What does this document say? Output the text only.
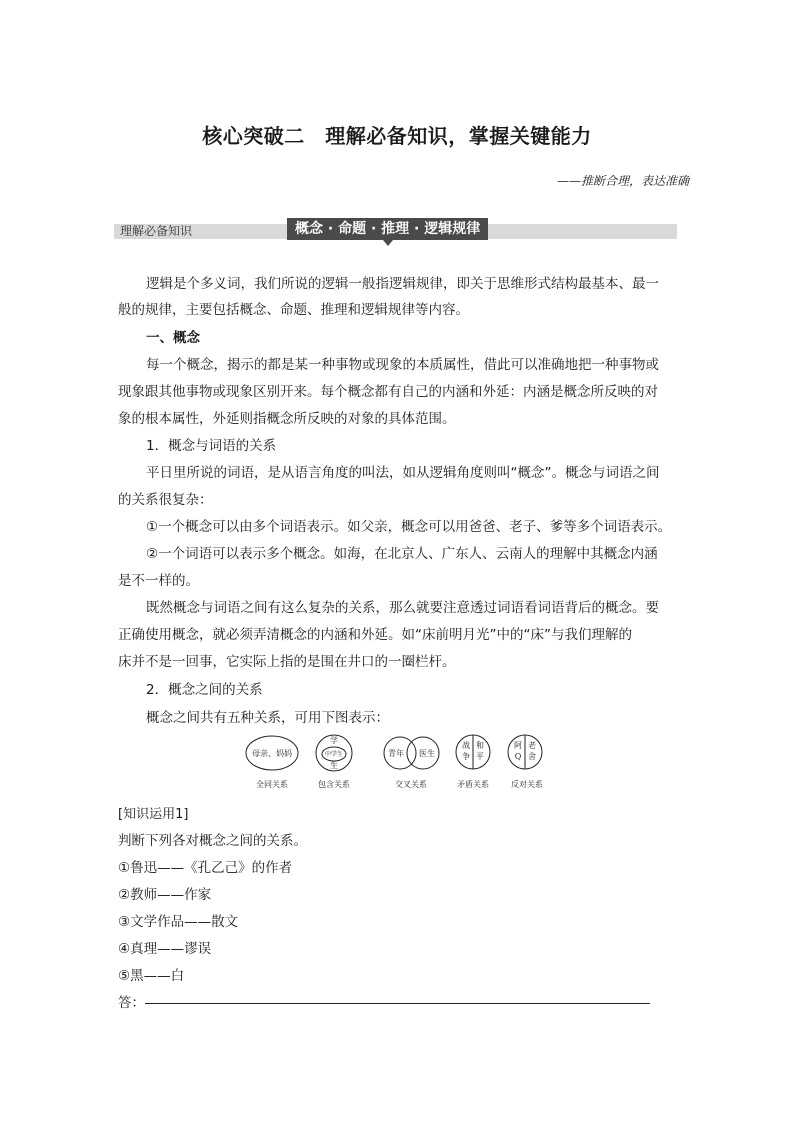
核心突破二　理解必备知识，掌握关键能力
——推断合理，表达准确
理解必备知识	概念 · 命题 · 推理 · 逻辑规律
逻辑是个多义词，我们所说的逻辑一般指逻辑规律，即关于思维形式结构最基本、最一
般的规律，主要包括概念、命题、推理和逻辑规律等内容。
一、概念
每一个概念，揭示的都是某一种事物或现象的本质属性，借此可以准确地把一种事物或
现象跟其他事物或现象区别开来。每个概念都有自己的内涵和外延：内涵是概念所反映的对
象的根本属性，外延则指概念所反映的对象的具体范围。
1．概念与词语的关系
平日里所说的词语，是从语言角度的叫法，如从逻辑角度则叫“概念”。概念与词语之间
的关系很复杂：
①一个概念可以由多个词语表示。如父亲，概念可以用爸爸、老子、爹等多个词语表示。
②一个词语可以表示多个概念。如海，在北京人、广东人、云南人的理解中其概念内涵
是不一样的。
既然概念与词语之间有这么复杂的关系，那么就要注意透过词语看词语背后的概念。要
正确使用概念，就必须弄清概念的内涵和外延。如“床前明月光”中的“床”与我们理解的
床并不是一回事，它实际上指的是围在井口的一圈栏杆。
2．概念之间的关系
概念之间共有五种关系，可用下图表示：
母亲、妈妈
全同关系
学
中学生
生
包含关系
青年 医生
交叉关系
战
争
和
平
矛盾关系
阿
Q
老
舍
反对关系
[知识运用1]
判断下列各对概念之间的关系。
①鲁迅——《孔乙己》的作者
②教师——作家
③文学作品——散文
④真理——谬误
⑤黑——白
答：
